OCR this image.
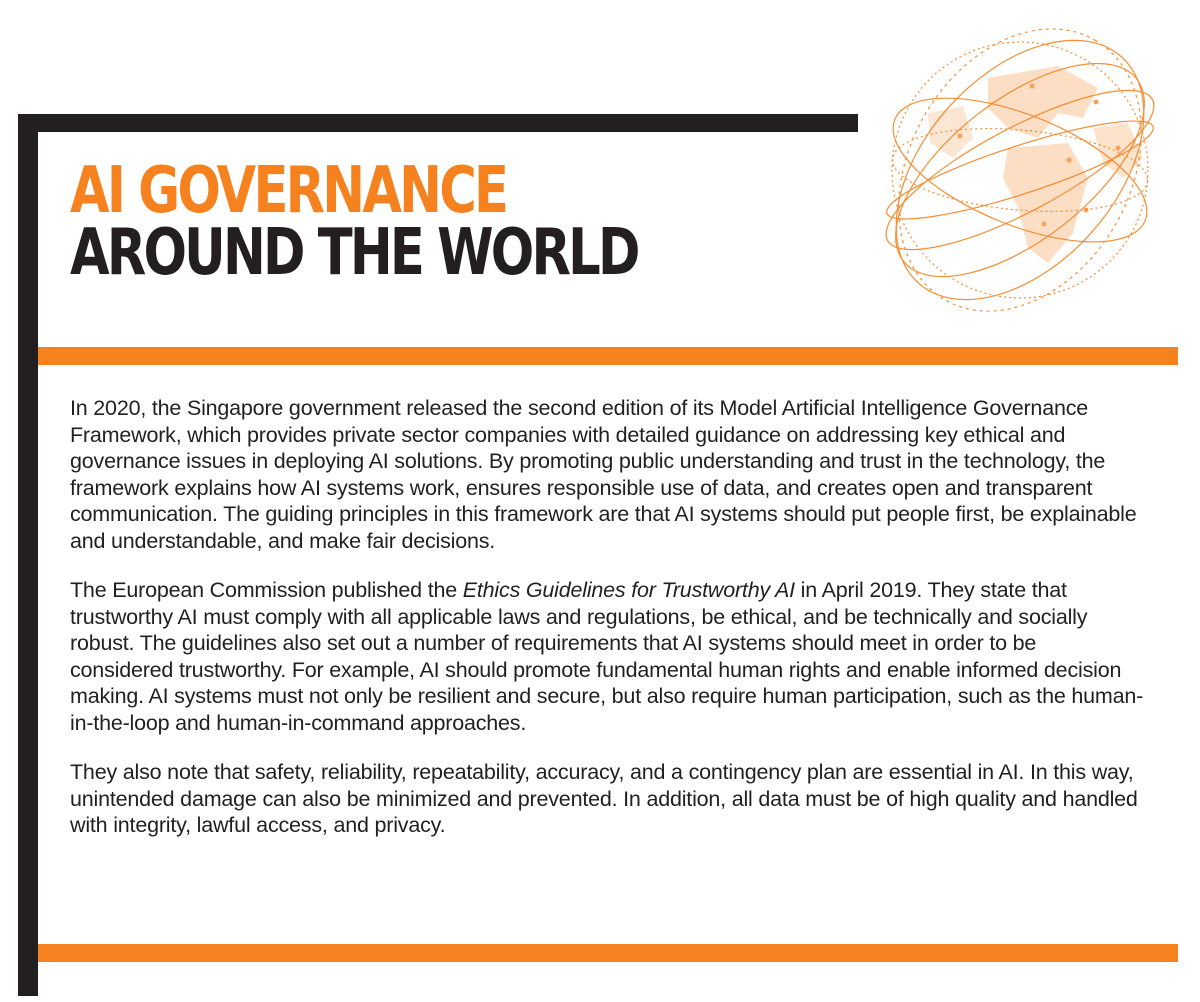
AI GOVERNANCE
AROUND THE WORLD

In 2020, the Singapore government released the second edition of its Model Artificial Intelligence Governance Framework, which provides private sector companies with detailed guidance on addressing key ethical and governance issues in deploying AI solutions. By promoting public understanding and trust in the technology, the framework explains how AI systems work, ensures responsible use of data, and creates open and transparent communication. The guiding principles in this framework are that AI systems should put people first, be explainable and understandable, and make fair decisions.

The European Commission published the Ethics Guidelines for Trustworthy AI in April 2019. They state that trustworthy AI must comply with all applicable laws and regulations, be ethical, and be technically and socially robust. The guidelines also set out a number of requirements that AI systems should meet in order to be considered trustworthy. For example, AI should promote fundamental human rights and enable informed decision making. AI systems must not only be resilient and secure, but also require human participation, such as the human-in-the-loop and human-in-command approaches.

They also note that safety, reliability, repeatability, accuracy, and a contingency plan are essential in AI. In this way, unintended damage can also be minimized and prevented. In addition, all data must be of high quality and handled with integrity, lawful access, and privacy.
